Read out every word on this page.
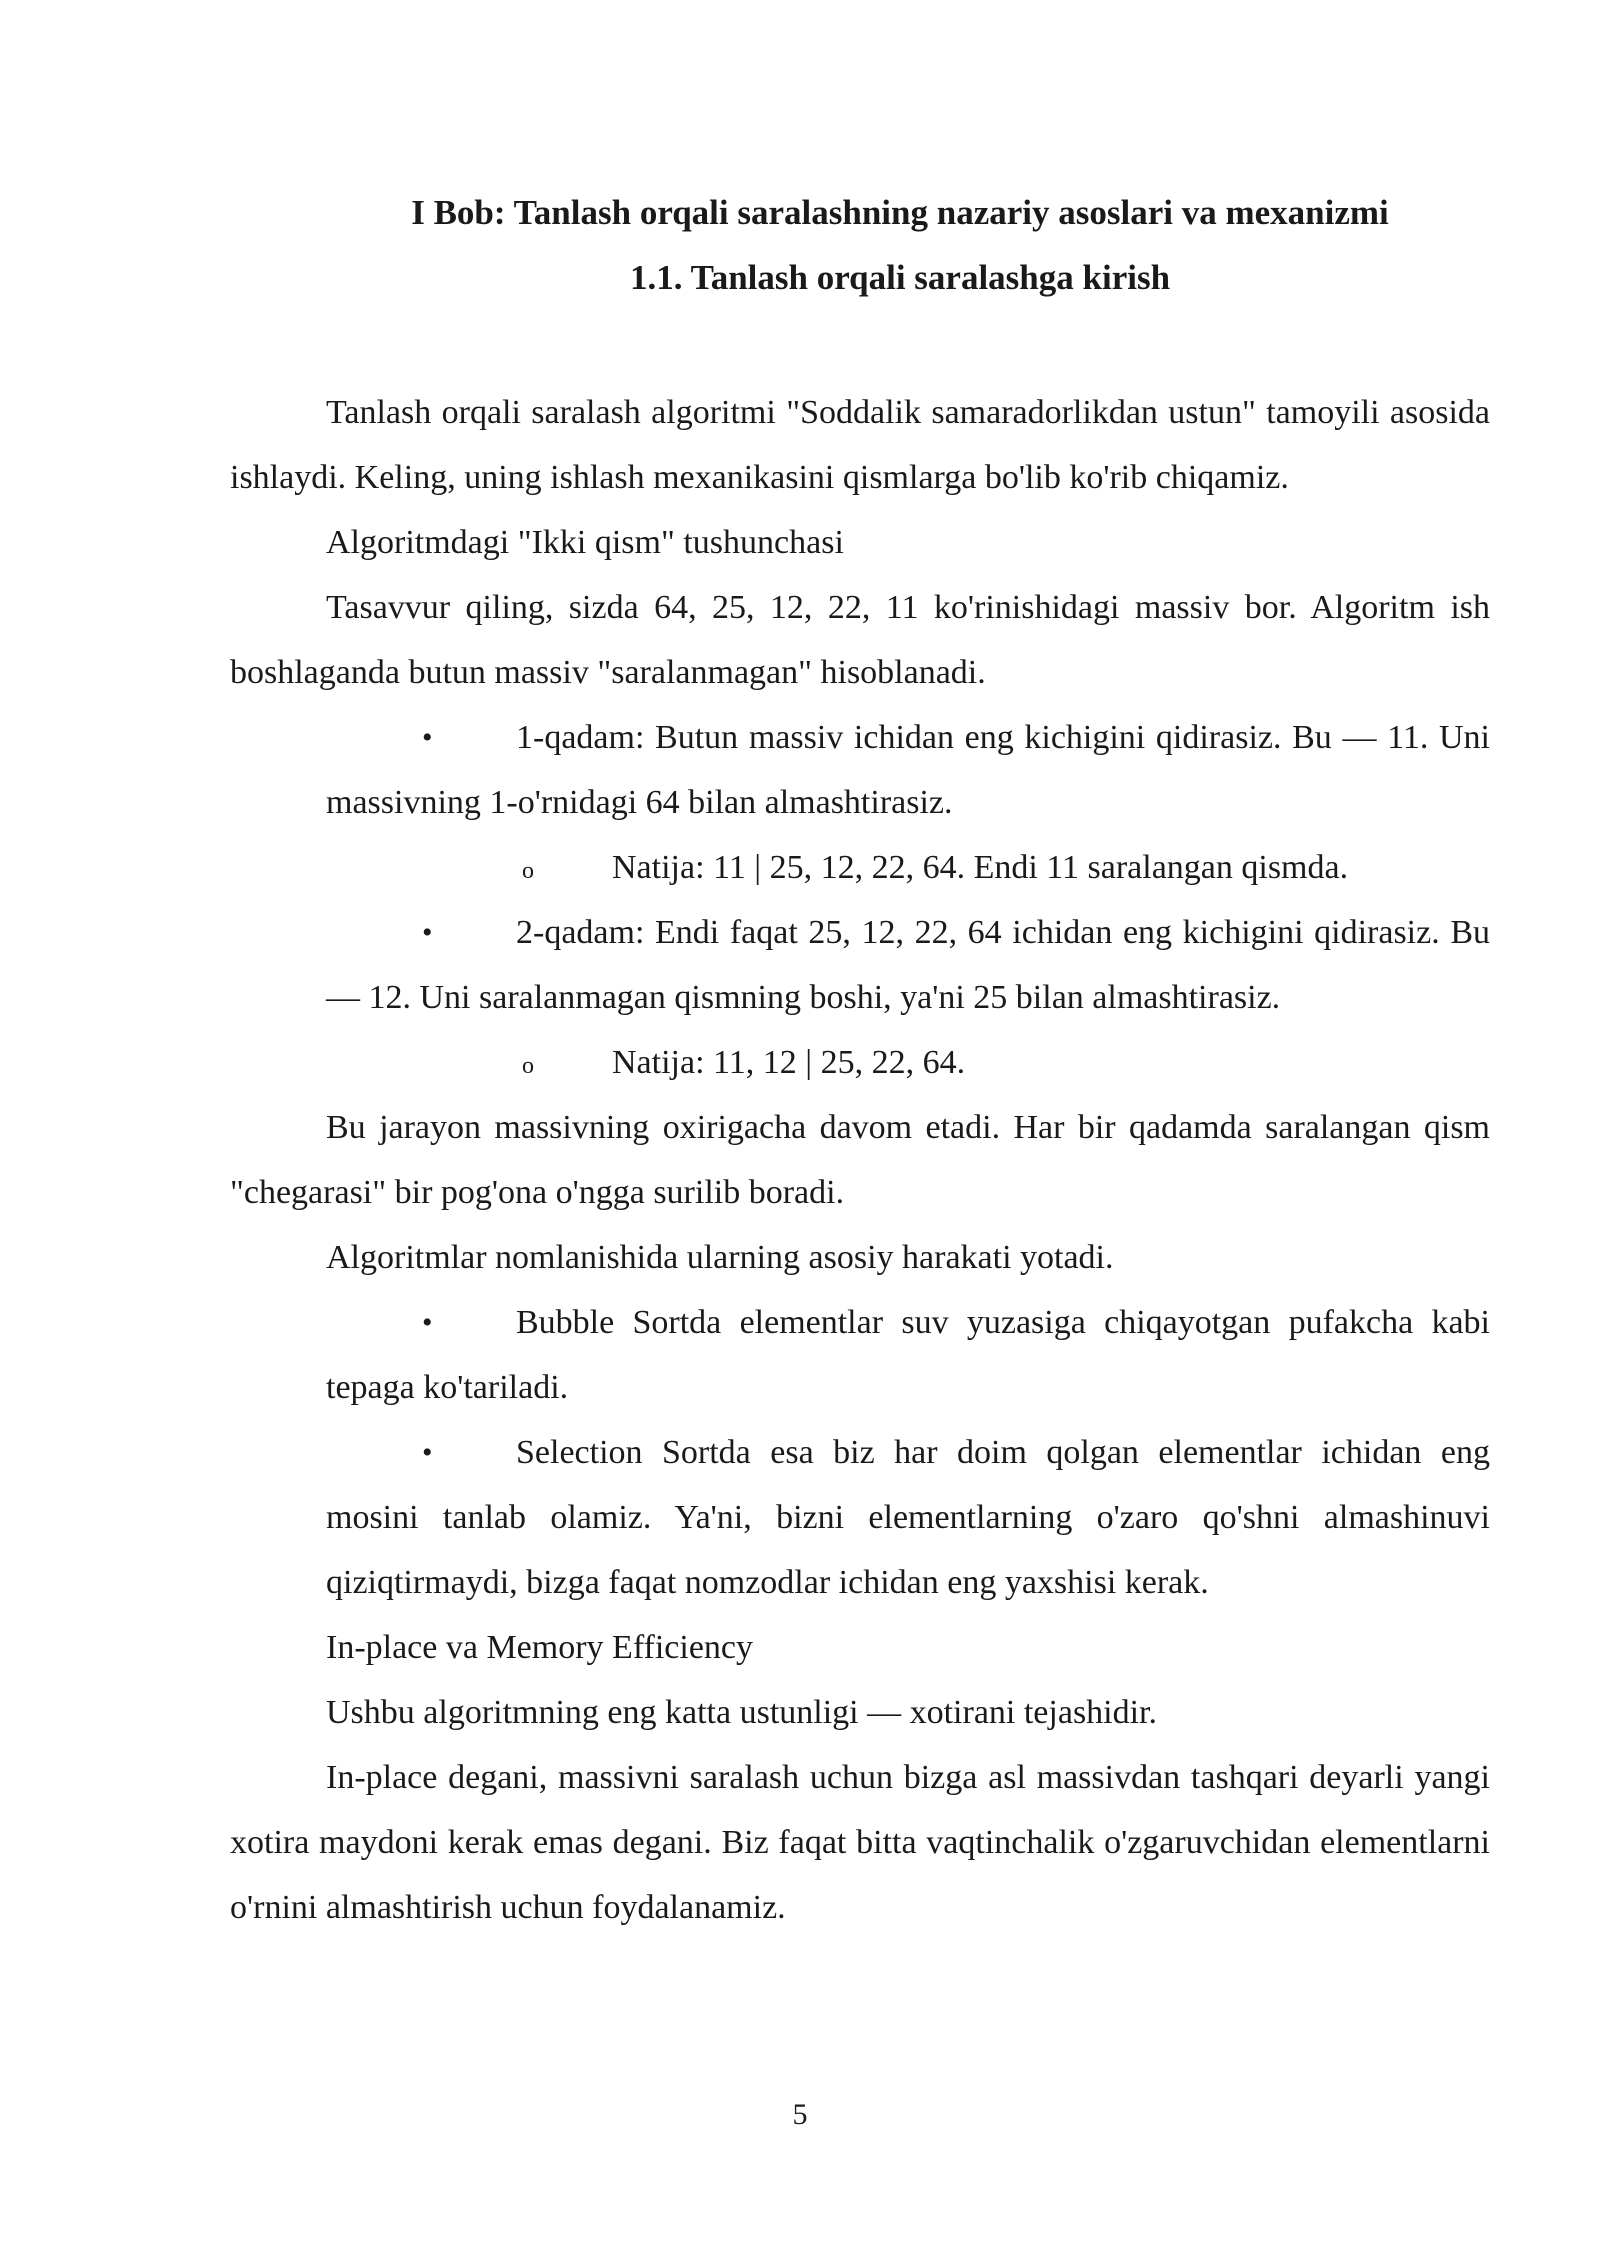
I Bob: Tanlash orqali saralashning nazariy asoslari va mexanizmi
1.1. Tanlash orqali saralashga kirish

Tanlash orqali saralash algoritmi "Soddalik samaradorlikdan ustun" tamoyili asosida ishlaydi. Keling, uning ishlash mexanikasini qismlarga bo'lib ko'rib chiqamiz.

Algoritmdagi "Ikki qism" tushunchasi

Tasavvur qiling, sizda 64, 25, 12, 22, 11 ko'rinishidagi massiv bor. Algoritm ish boshlaganda butun massiv "saralanmagan" hisoblanadi.

• 1-qadam: Butun massiv ichidan eng kichigini qidirasiz. Bu — 11. Uni massivning 1-o'rnidagi 64 bilan almashtirasiz.
o Natija: 11 | 25, 12, 22, 64. Endi 11 saralangan qismda.
• 2-qadam: Endi faqat 25, 12, 22, 64 ichidan eng kichigini qidirasiz. Bu — 12. Uni saralanmagan qismning boshi, ya'ni 25 bilan almashtirasiz.
o Natija: 11, 12 | 25, 22, 64.

Bu jarayon massivning oxirigacha davom etadi. Har bir qadamda saralangan qism "chegarasi" bir pog'ona o'ngga surilib boradi.

Algoritmlar nomlanishida ularning asosiy harakati yotadi.

• Bubble Sortda elementlar suv yuzasiga chiqayotgan pufakcha kabi tepaga ko'tariladi.
• Selection Sortda esa biz har doim qolgan elementlar ichidan eng mosini tanlab olamiz. Ya'ni, bizni elementlarning o'zaro qo'shni almashinuvi qiziqtirmaydi, bizga faqat nomzodlar ichidan eng yaxshisi kerak.

In-place va Memory Efficiency

Ushbu algoritmning eng katta ustunligi — xotirani tejashidir.

In-place degani, massivni saralash uchun bizga asl massivdan tashqari deyarli yangi xotira maydoni kerak emas degani. Biz faqat bitta vaqtinchalik o'zgaruvchidan elementlarni o'rnini almashtirish uchun foydalanamiz.

5
